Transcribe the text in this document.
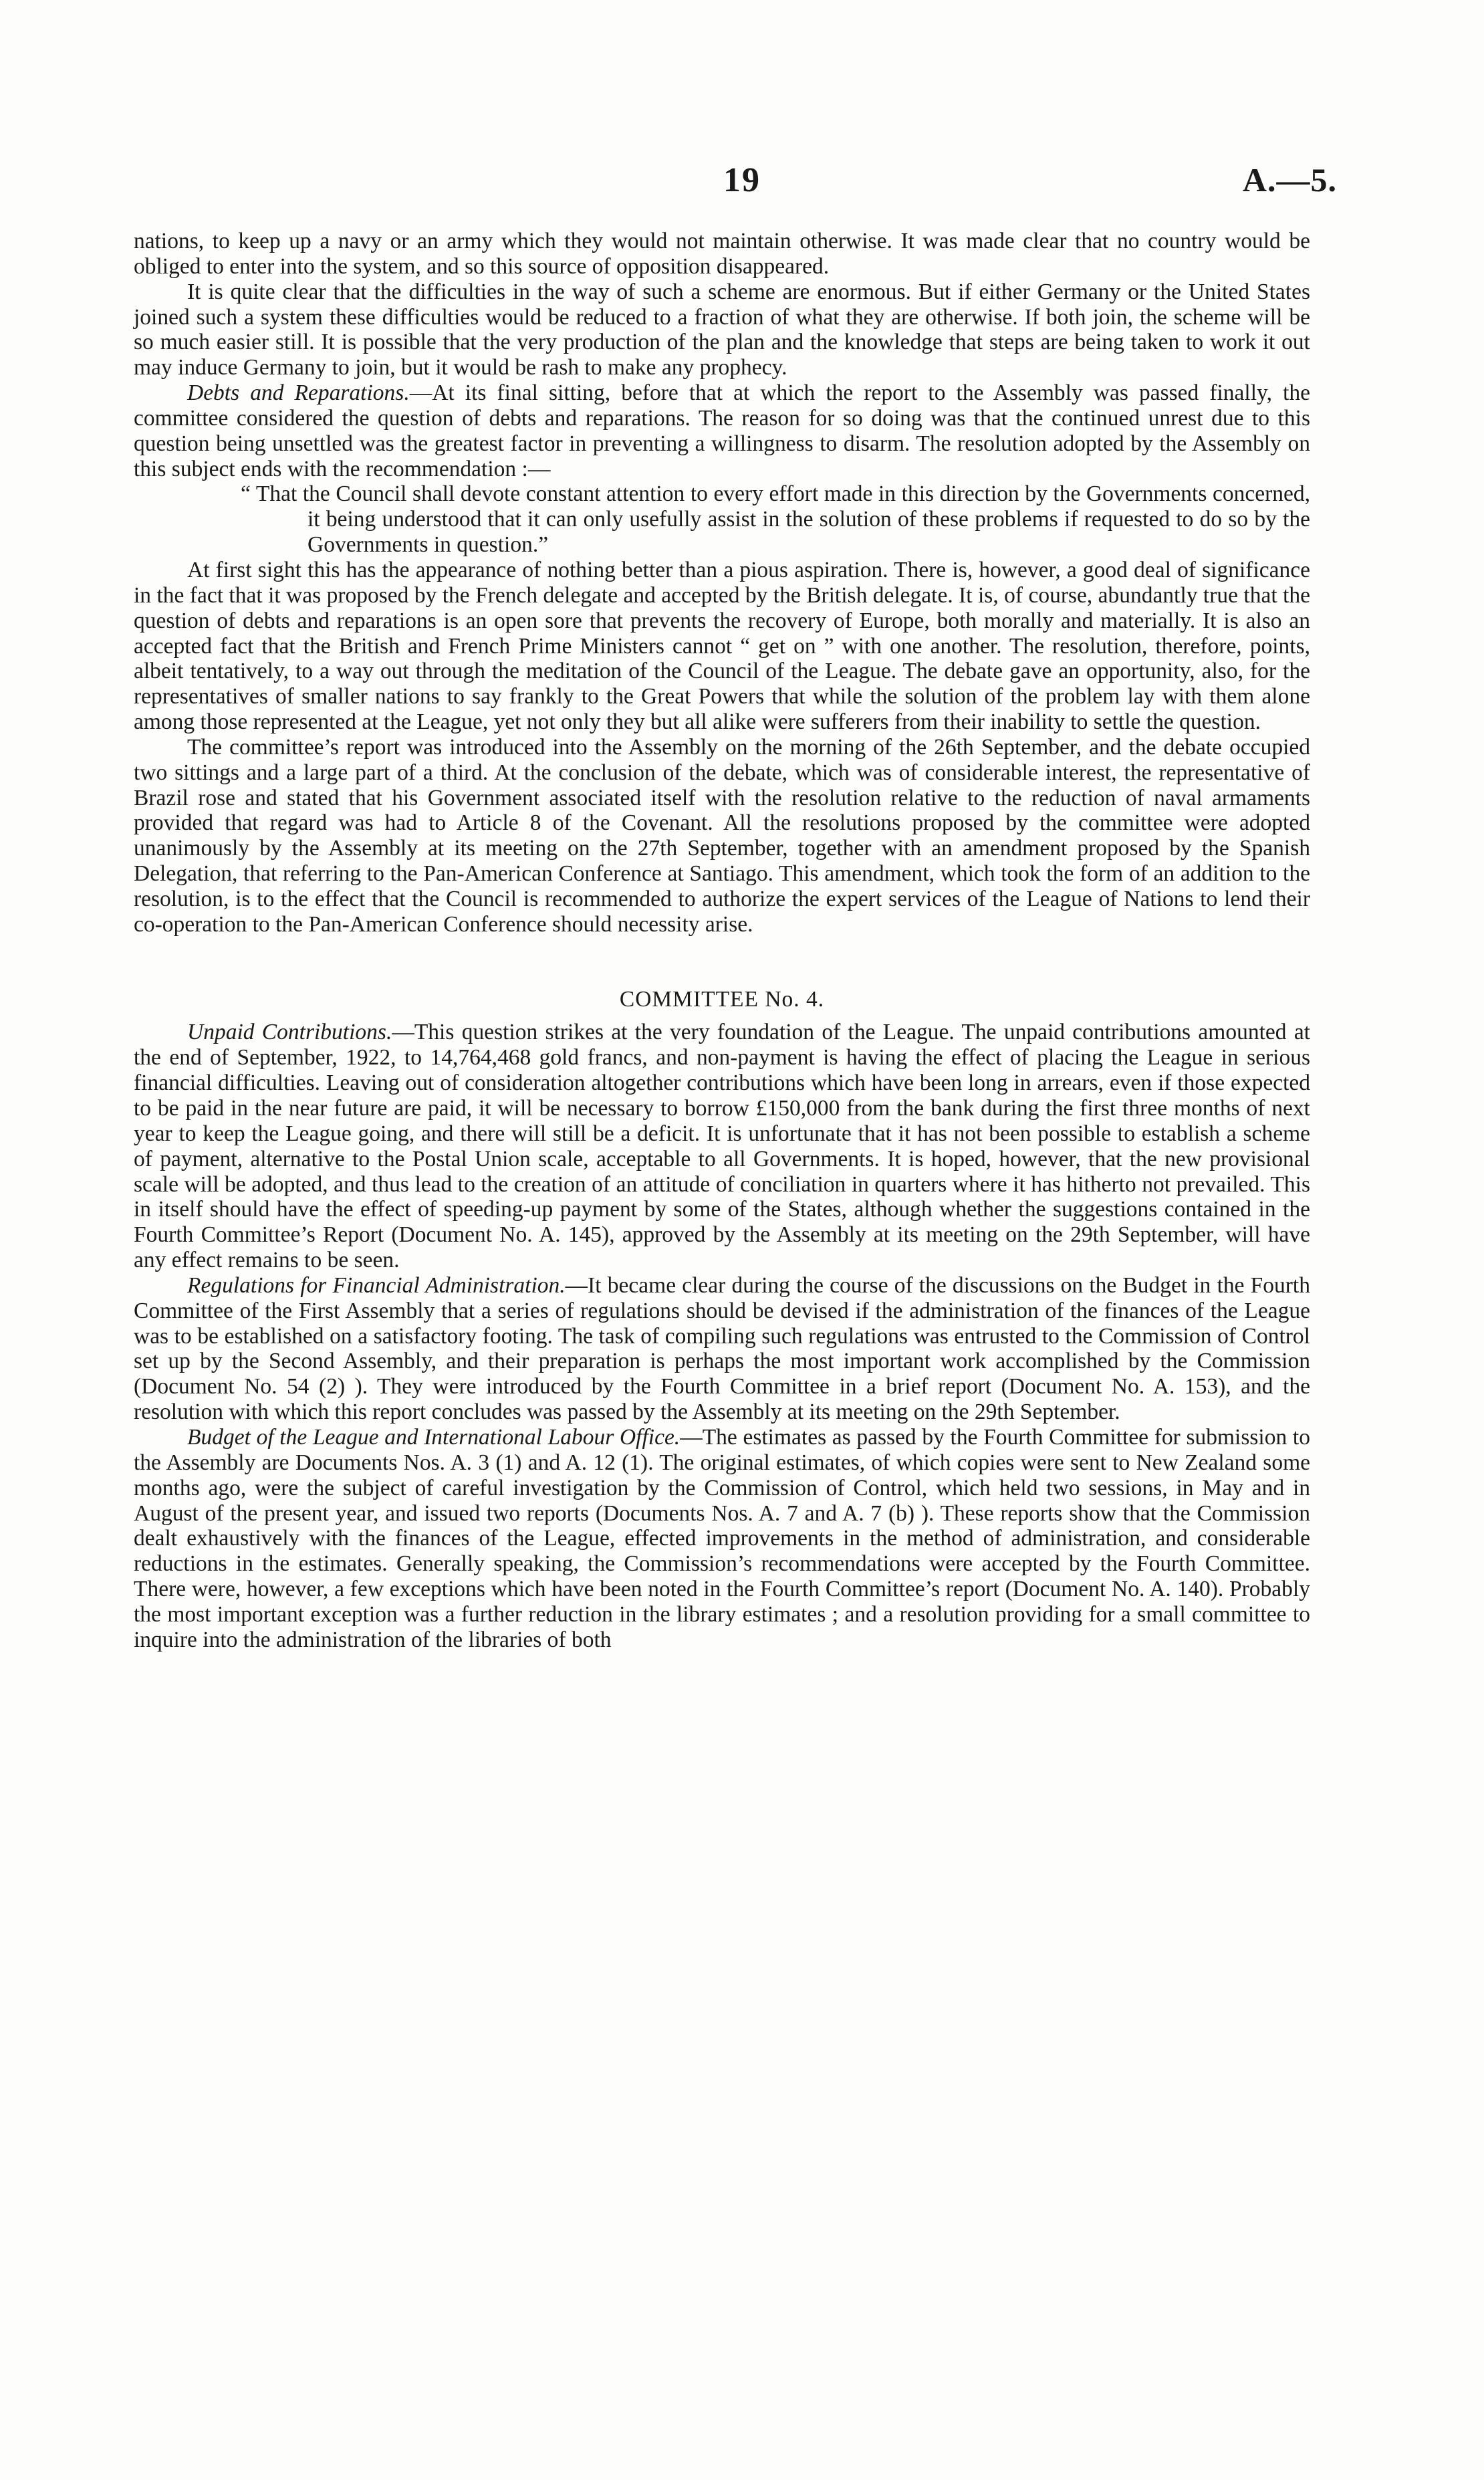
19	A.—5.

nations, to keep up a navy or an army which they would not maintain otherwise. It was made clear that no country would be obliged to enter into the system, and so this source of opposition disappeared.

It is quite clear that the difficulties in the way of such a scheme are enormous. But if either Germany or the United States joined such a system these difficulties would be reduced to a fraction of what they are otherwise. If both join, the scheme will be so much easier still. It is possible that the very production of the plan and the knowledge that steps are being taken to work it out may induce Germany to join, but it would be rash to make any prophecy.

Debts and Reparations.—At its final sitting, before that at which the report to the Assembly was passed finally, the committee considered the question of debts and reparations. The reason for so doing was that the continued unrest due to this question being unsettled was the greatest factor in preventing a willingness to disarm. The resolution adopted by the Assembly on this subject ends with the recommendation :—

“ That the Council shall devote constant attention to every effort made in this direction by the Governments concerned, it being understood that it can only usefully assist in the solution of these problems if requested to do so by the Governments in question.”

At first sight this has the appearance of nothing better than a pious aspiration. There is, however, a good deal of significance in the fact that it was proposed by the French delegate and accepted by the British delegate. It is, of course, abundantly true that the question of debts and reparations is an open sore that prevents the recovery of Europe, both morally and materially. It is also an accepted fact that the British and French Prime Ministers cannot “ get on ” with one another. The resolution, therefore, points, albeit tentatively, to a way out through the meditation of the Council of the League. The debate gave an opportunity, also, for the representatives of smaller nations to say frankly to the Great Powers that while the solution of the problem lay with them alone among those represented at the League, yet not only they but all alike were sufferers from their inability to settle the question.

The committee’s report was introduced into the Assembly on the morning of the 26th September, and the debate occupied two sittings and a large part of a third. At the conclusion of the debate, which was of considerable interest, the representative of Brazil rose and stated that his Government associated itself with the resolution relative to the reduction of naval armaments provided that regard was had to Article 8 of the Covenant. All the resolutions proposed by the committee were adopted unanimously by the Assembly at its meeting on the 27th September, together with an amendment proposed by the Spanish Delegation, that referring to the Pan-American Conference at Santiago. This amendment, which took the form of an addition to the resolution, is to the effect that the Council is recommended to authorize the expert services of the League of Nations to lend their co-operation to the Pan-American Conference should necessity arise.

COMMITTEE No. 4.

Unpaid Contributions.—This question strikes at the very foundation of the League. The unpaid contributions amounted at the end of September, 1922, to 14,764,468 gold francs, and non-payment is having the effect of placing the League in serious financial difficulties. Leaving out of consideration altogether contributions which have been long in arrears, even if those expected to be paid in the near future are paid, it will be necessary to borrow £150,000 from the bank during the first three months of next year to keep the League going, and there will still be a deficit. It is unfortunate that it has not been possible to establish a scheme of payment, alternative to the Postal Union scale, acceptable to all Governments. It is hoped, however, that the new provisional scale will be adopted, and thus lead to the creation of an attitude of conciliation in quarters where it has hitherto not prevailed. This in itself should have the effect of speeding-up payment by some of the States, although whether the suggestions contained in the Fourth Committee’s Report (Document No. A. 145), approved by the Assembly at its meeting on the 29th September, will have any effect remains to be seen.

Regulations for Financial Administration.—It became clear during the course of the discussions on the Budget in the Fourth Committee of the First Assembly that a series of regulations should be devised if the administration of the finances of the League was to be established on a satisfactory footing. The task of compiling such regulations was entrusted to the Commission of Control set up by the Second Assembly, and their preparation is perhaps the most important work accomplished by the Commission (Document No. 54 (2) ). They were introduced by the Fourth Committee in a brief report (Document No. A. 153), and the resolution with which this report concludes was passed by the Assembly at its meeting on the 29th September.

Budget of the League and International Labour Office.—The estimates as passed by the Fourth Committee for submission to the Assembly are Documents Nos. A. 3 (1) and A. 12 (1). The original estimates, of which copies were sent to New Zealand some months ago, were the subject of careful investigation by the Commission of Control, which held two sessions, in May and in August of the present year, and issued two reports (Documents Nos. A. 7 and A. 7 (b) ). These reports show that the Commission dealt exhaustively with the finances of the League, effected improvements in the method of administration, and considerable reductions in the estimates. Generally speaking, the Commission’s recommendations were accepted by the Fourth Committee. There were, however, a few exceptions which have been noted in the Fourth Committee’s report (Document No. A. 140). Probably the most important exception was a further reduction in the library estimates ; and a resolution providing for a small committee to inquire into the administration of the libraries of both
